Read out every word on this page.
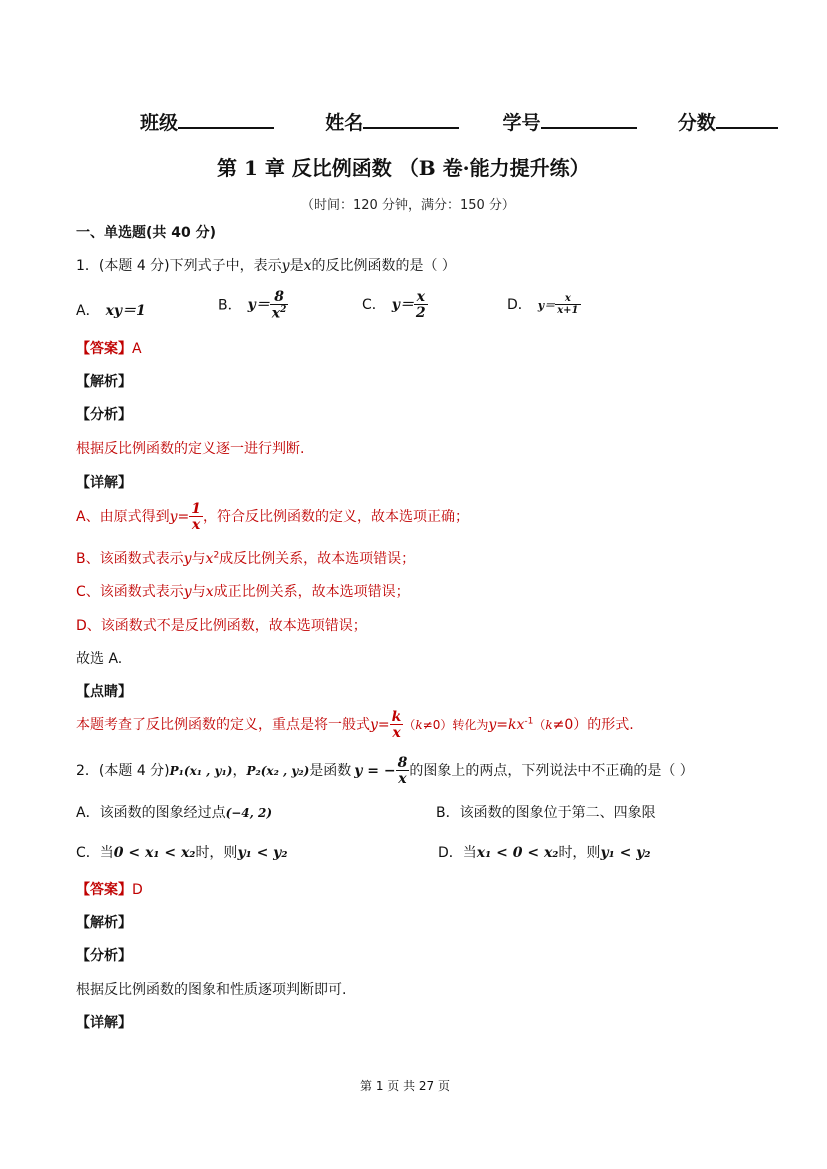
班级	姓名	学号	分数
第 1 章 反比例函数 （B 卷·能力提升练）
（时间：120 分钟，满分：150 分）
一、单选题(共 40 分)
1．(本题 4 分)下列式子中，表示y是x的反比例函数的是（ ）
A． xy＝1	B． $y= \frac{8}{x^2}$	C． $y= \frac{x}{2}$	D． $y= \frac{x}{x+1}$
【答案】A
【解析】
【分析】
根据反比例函数的定义逐一进行判断.
【详解】
A、由原式得到$y= \frac{1}{x}$ ，符合反比例函数的定义，故本选项正确；
B、该函数式表示y与$x^2$成反比例关系，故本选项错误；
C、该函数式表示y与x成正比例关系，故本选项错误；
D、该函数式不是反比例函数，故本选项错误；
故选 A.
【点睛】
本题考查了反比例函数的定义，重点是将一般式$y= \frac{k}{x} (k\ne 0)$转化为$y=kx^{-1}(k\ne 0)$的形式.
2．(本题 4 分)P₁(x₁ , y₁)，P₂(x₂ , y₂)是函数 y = − $\frac{8}{x}$ 的图象上的两点，下列说法中不正确的是（ ）
A．该函数的图象经过点(−4, 2)	B．该函数的图象位于第二、四象限
C．当0 < x₁ < x₂时，则y₁ < y₂	D．当x₁ < 0 < x₂时，则y₁ < y₂
【答案】D
【解析】
【分析】
根据反比例函数的图象和性质逐项判断即可.
【详解】
第 1 页 共 27 页
